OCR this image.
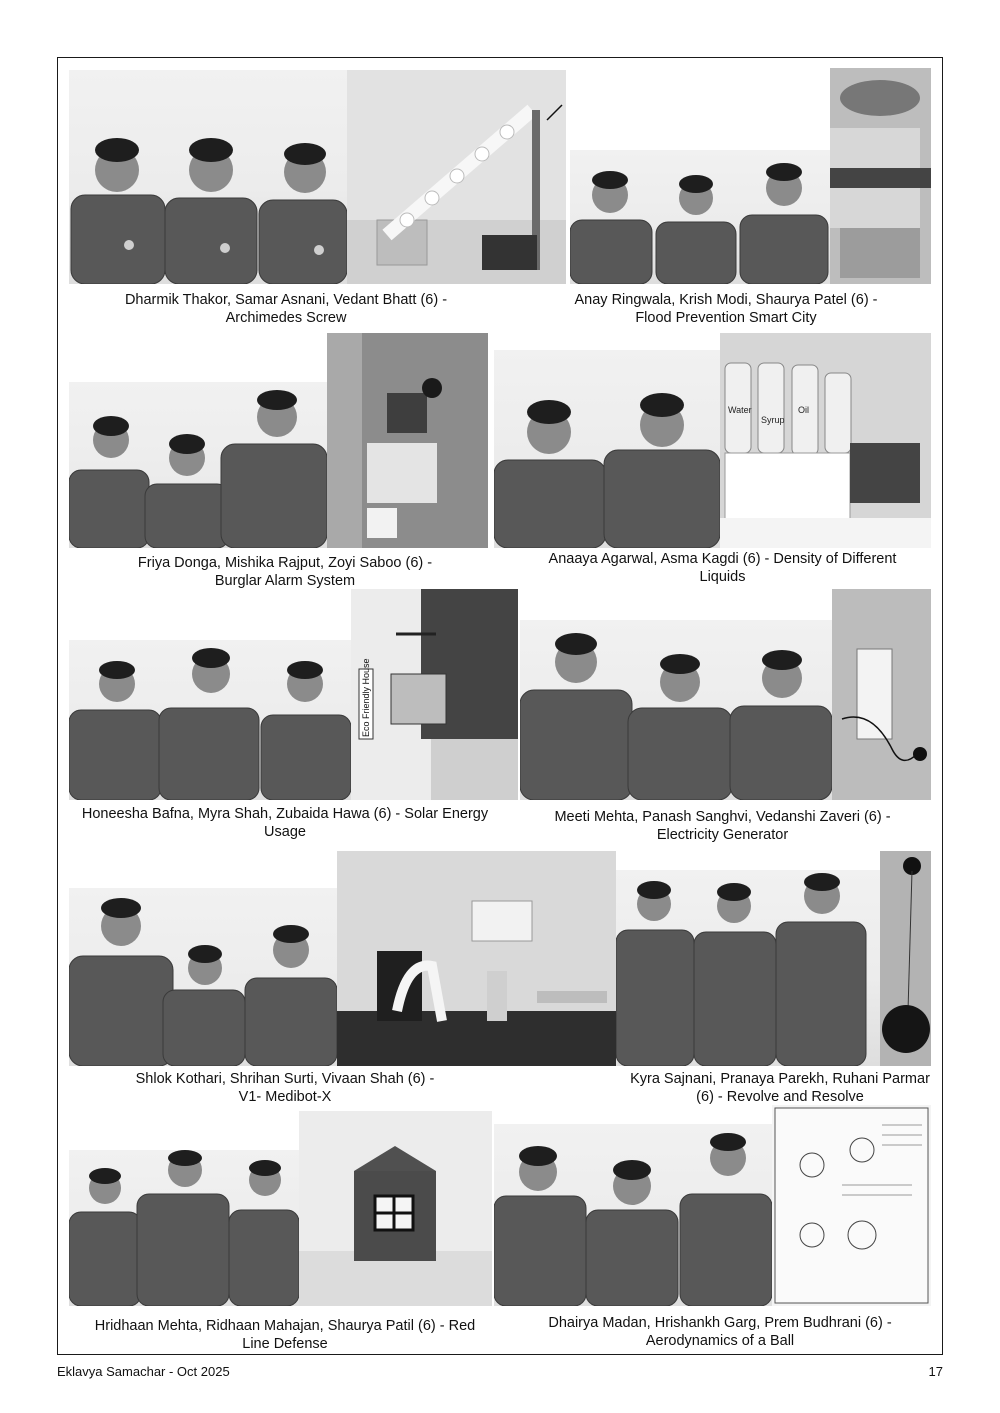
Dharmik Thakor, Samar Asnani, Vedant Bhatt (6) -
Archimedes Screw
Anay Ringwala, Krish Modi, Shaurya Patel (6) -
Flood Prevention Smart City
Water
Syrup
Oil
Friya Donga, Mishika Rajput, Zoyi Saboo (6) -
Burglar Alarm System
Anaaya Agarwal, Asma Kagdi (6) - Density of Different
Liquids
Eco Friendly House
Honeesha Bafna, Myra Shah, Zubaida Hawa (6) - Solar Energy
Usage
Meeti Mehta, Panash Sanghvi, Vedanshi Zaveri (6) -
Electricity Generator
Shlok Kothari, Shrihan Surti, Vivaan Shah (6) -
V1- Medibot-X
Kyra Sajnani, Pranaya Parekh, Ruhani Parmar
(6) - Revolve and Resolve
Hridhaan Mehta, Ridhaan Mahajan, Shaurya Patil (6) - Red
Line Defense
Dhairya Madan, Hrishankh Garg, Prem Budhrani (6) -
Aerodynamics of a Ball
Eklavya Samachar - Oct 2025	17
